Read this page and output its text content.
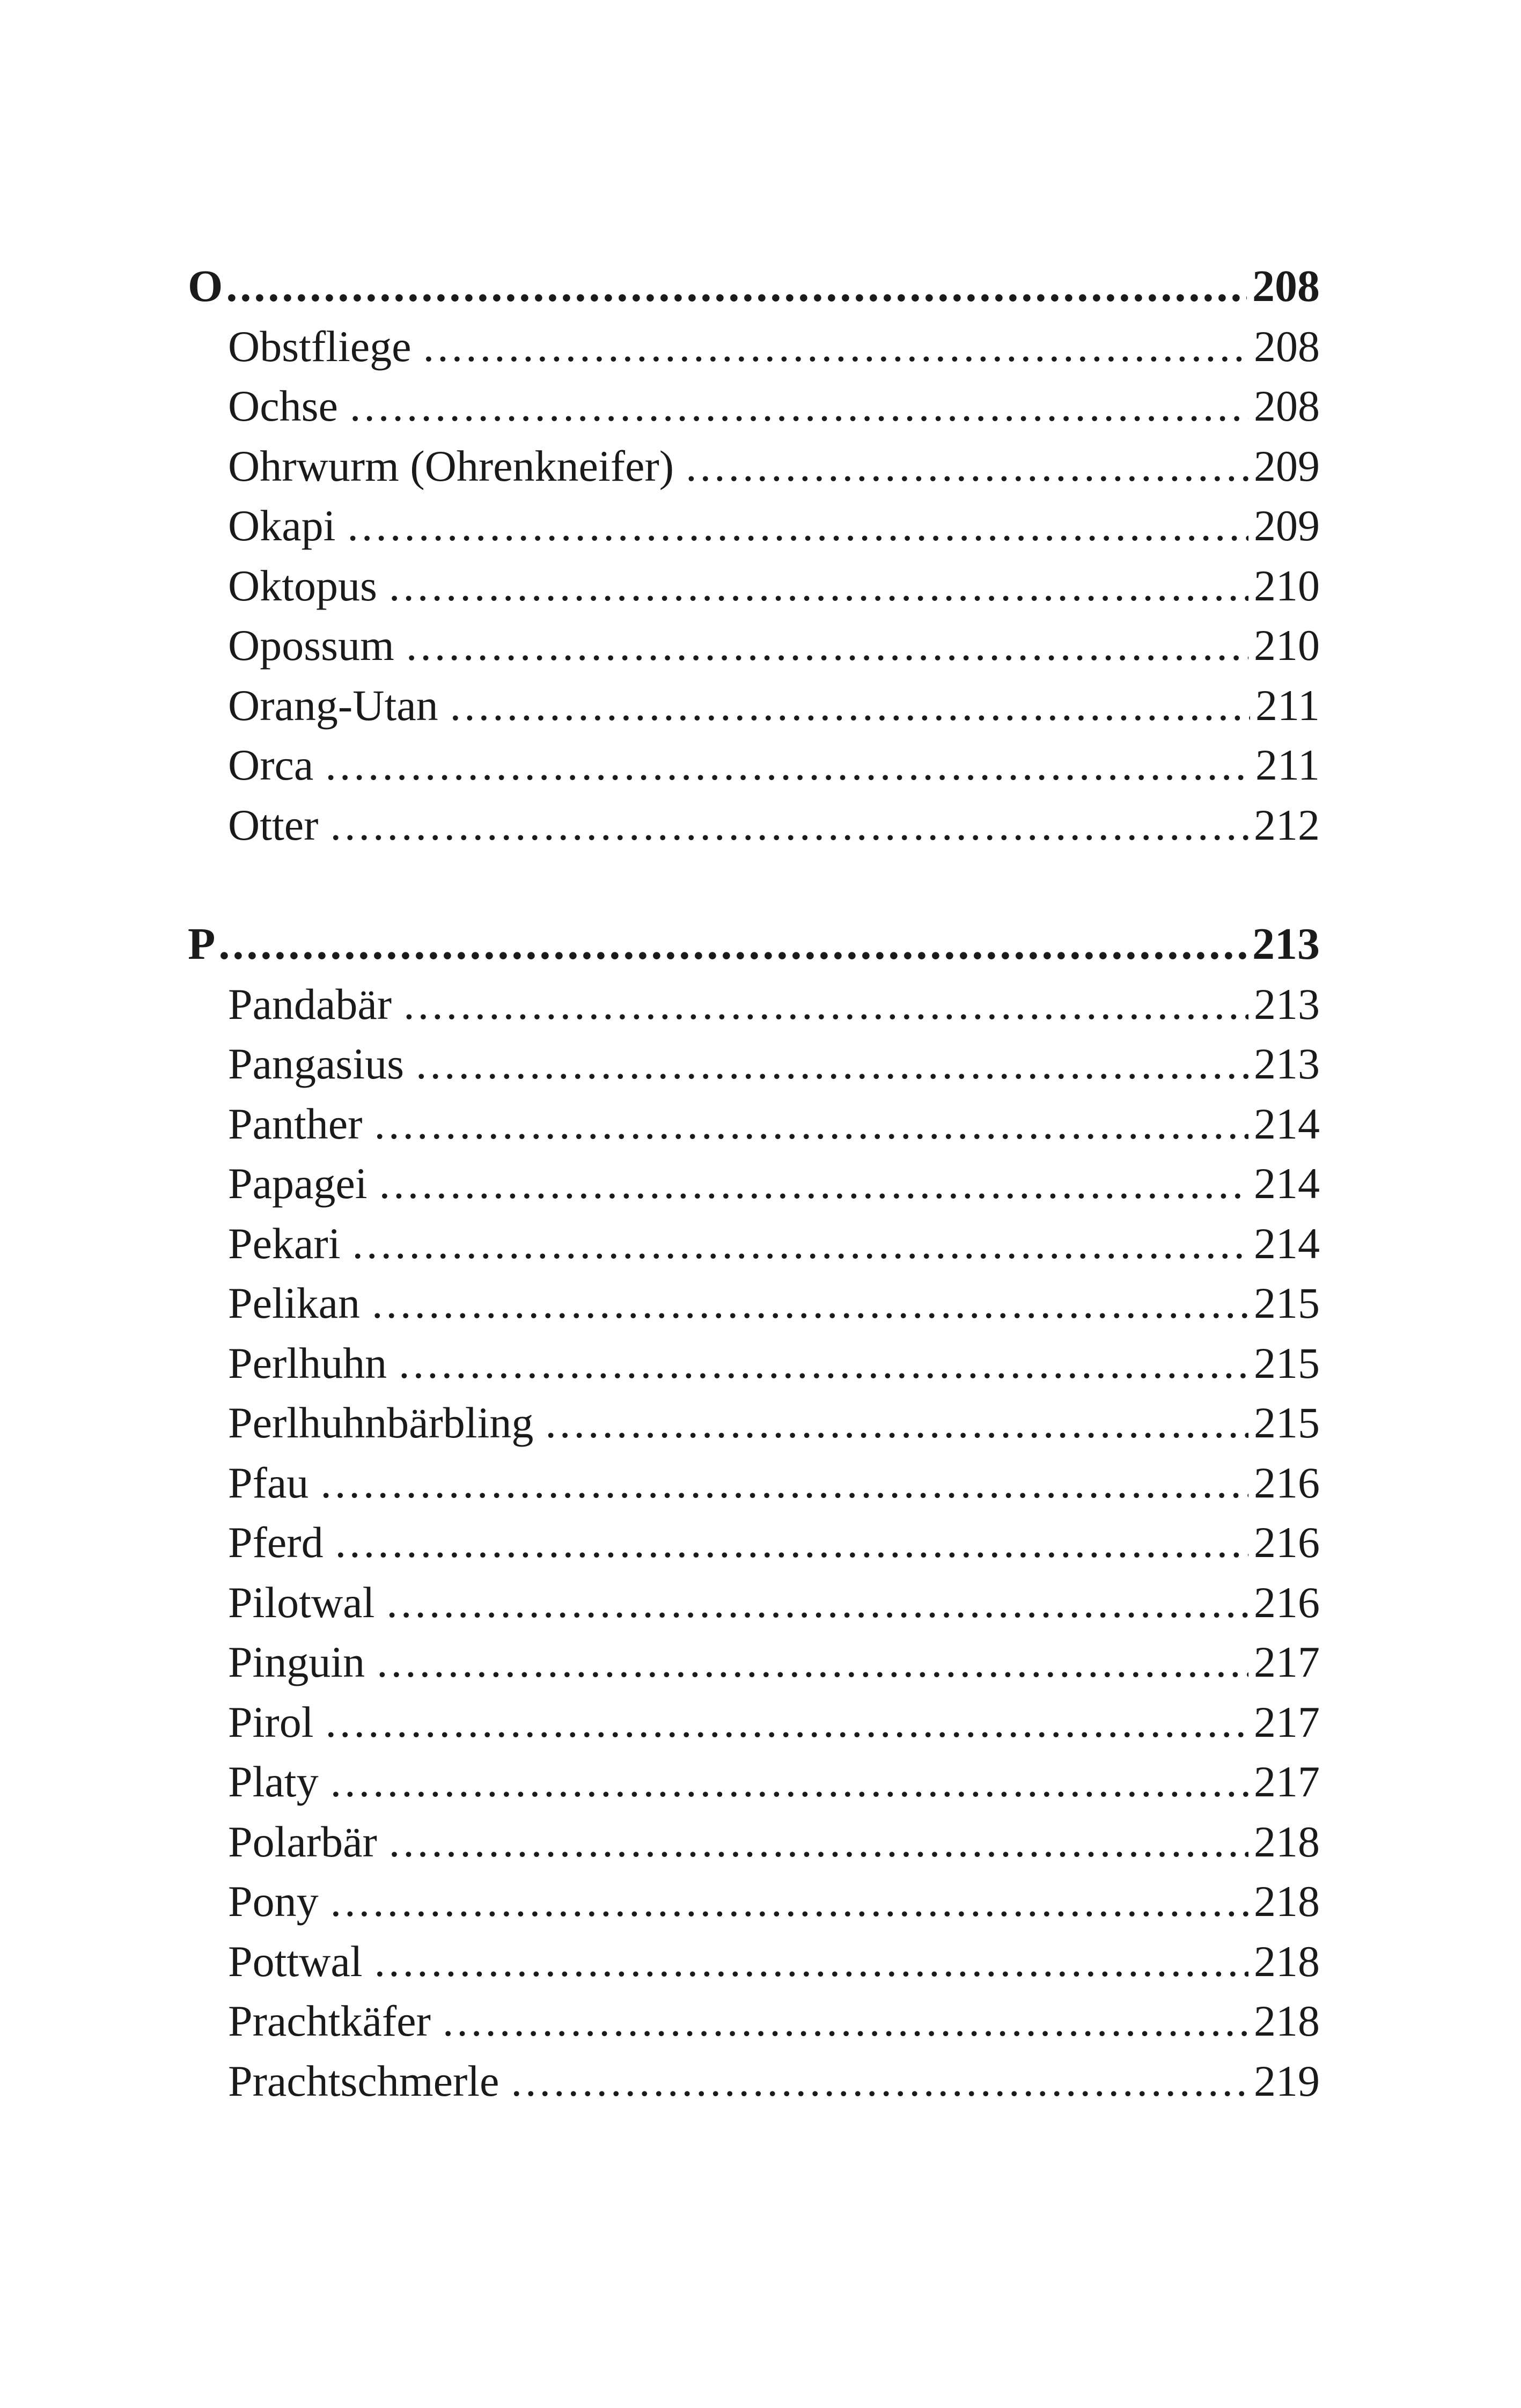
O .....	208
Obstfliege .....	208
Ochse .....	208
Ohrwurm (Ohrenkneifer) .....	209
Okapi .....	209
Oktopus .....	210
Opossum .....	210
Orang-Utan .....	211
Orca .....	211
Otter .....	212
P .....	213
Pandabär .....	213
Pangasius .....	213
Panther .....	214
Papagei .....	214
Pekari .....	214
Pelikan .....	215
Perlhuhn .....	215
Perlhuhnbärbling .....	215
Pfau .....	216
Pferd .....	216
Pilotwal .....	216
Pinguin .....	217
Pirol .....	217
Platy .....	217
Polarbär .....	218
Pony .....	218
Pottwal .....	218
Prachtkäfer .....	218
Prachtschmerle .....	219
